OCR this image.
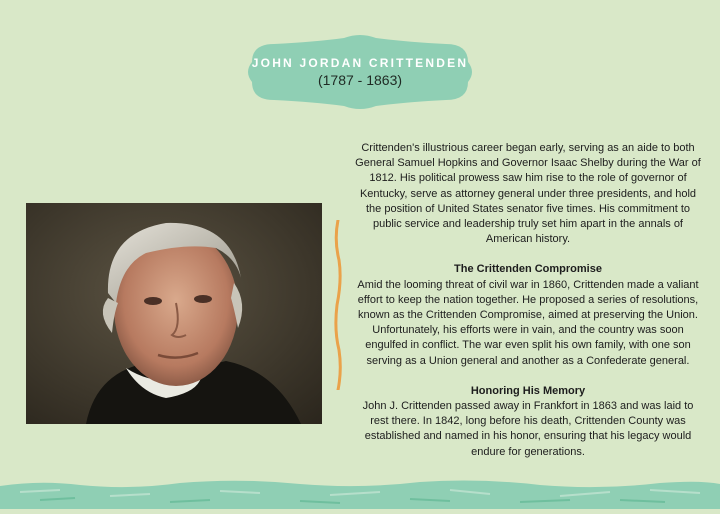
JOHN JORDAN CRITTENDEN
(1787 - 1863)

Crittenden's illustrious career began early, serving as an aide to both General Samuel Hopkins and Governor Isaac Shelby during the War of 1812. His political prowess saw him rise to the role of governor of Kentucky, serve as attorney general under three presidents, and hold the position of United States senator five times. His commitment to public service and leadership truly set him apart in the annals of American history.

The Crittenden Compromise

Amid the looming threat of civil war in 1860, Crittenden made a valiant effort to keep the nation together. He proposed a series of resolutions, known as the Crittenden Compromise, aimed at preserving the Union. Unfortunately, his efforts were in vain, and the country was soon engulfed in conflict. The war even split his own family, with one son serving as a Union general and another as a Confederate general.

Honoring His Memory

John J. Crittenden passed away in Frankfort in 1863 and was laid to rest there. In 1842, long before his death, Crittenden County was established and named in his honor, ensuring that his legacy would endure for generations.
